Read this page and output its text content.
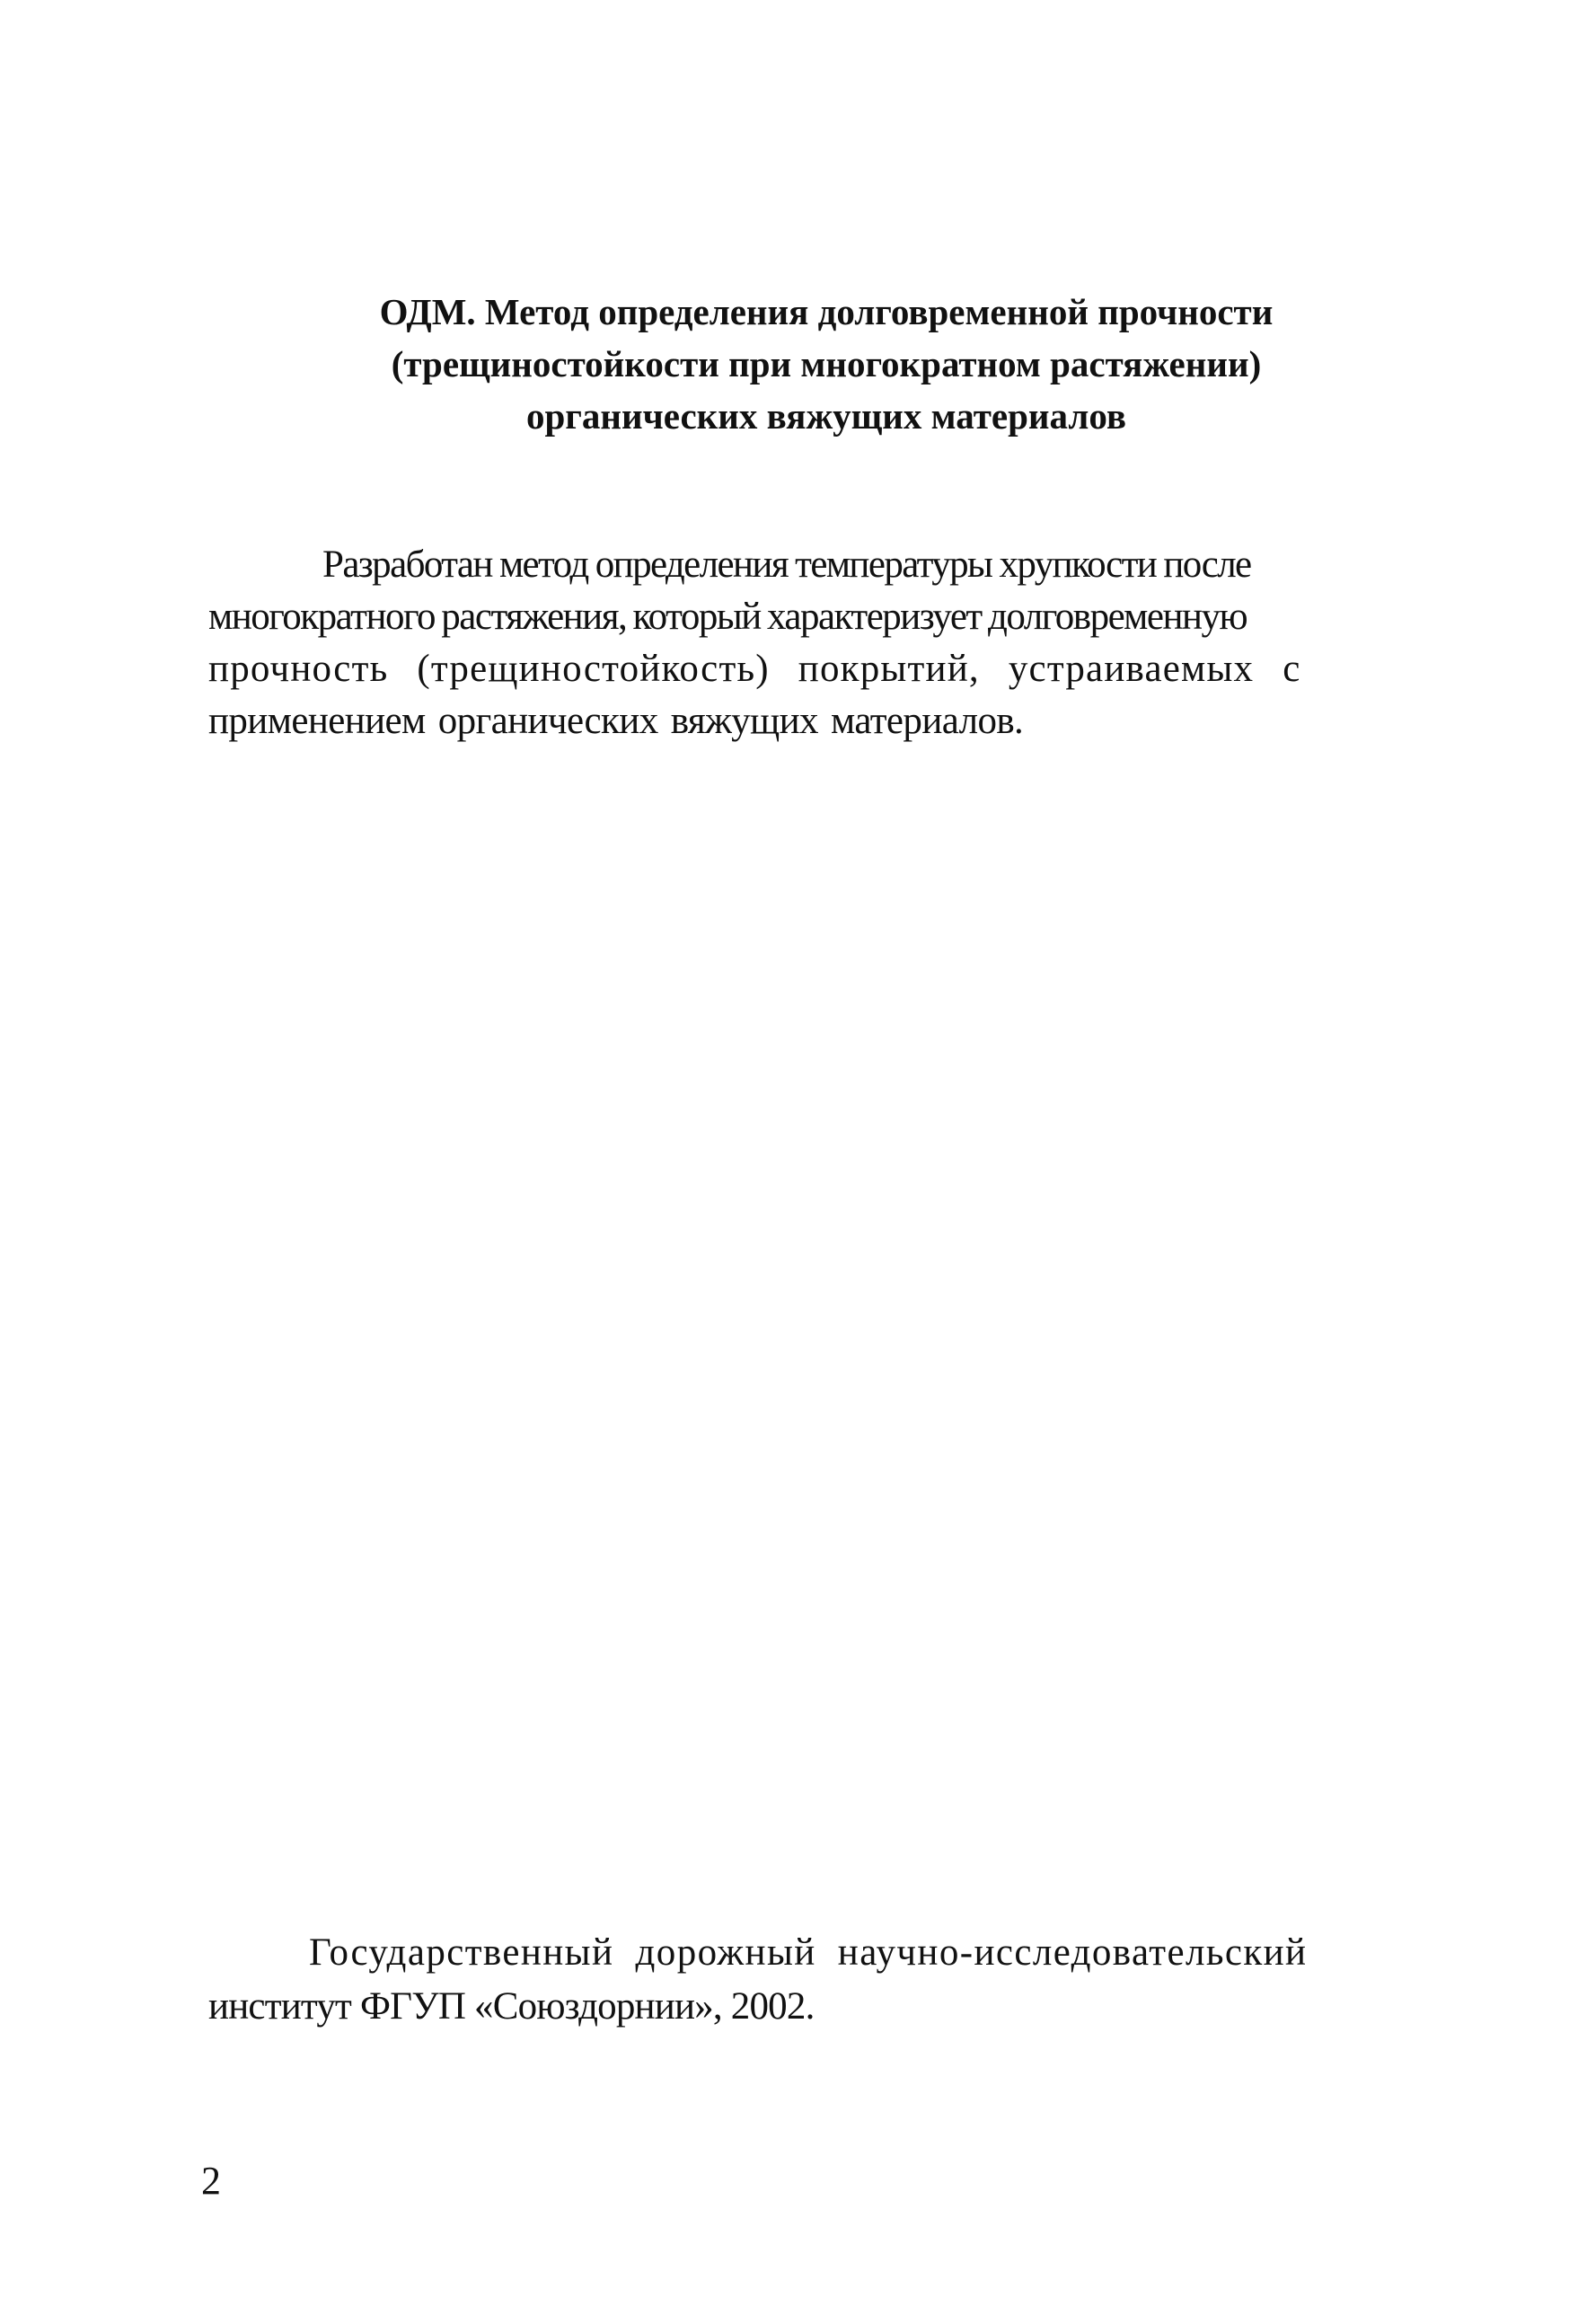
ОДМ. Метод определения долговременной прочности
(трещиностойкости при многократном растяжении)
органических вяжущих материалов
Разработан метод определения температуры хрупкости после
многократного растяжения, который характеризует долговременную
прочность (трещиностойкость) покрытий, устраиваемых с
применением органических вяжущих материалов.
Государственный дорожный научно-исследовательский
институт ФГУП «Союздорнии», 2002.
2
